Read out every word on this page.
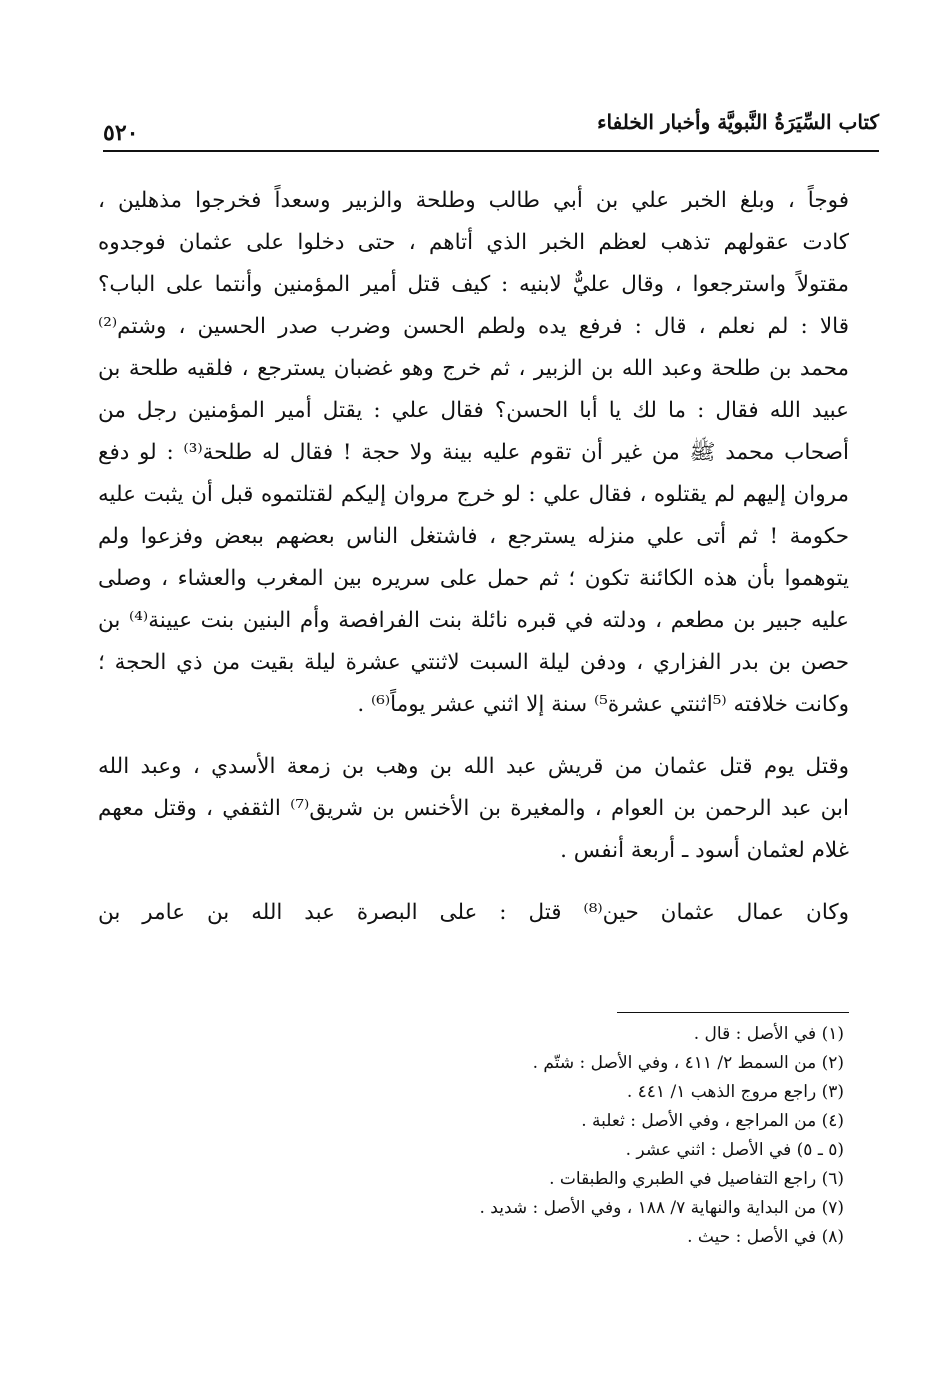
كتاب السِّيَرَةُ النَّبويَّة وأخبار الخلفاء
٥٢٠
فوجاً ، وبلغ الخبر علي بن أبي طالب وطلحة والزبير وسعداً فخرجوا مذهلين ،
كادت عقولهم تذهب لعظم الخبر الذي أتاهم ، حتى دخلوا على عثمان فوجدوه
مقتولاً واسترجعوا ، وقال عليٌّ لابنيه : كيف قتل أمير المؤمنين وأنتما على الباب؟
قالا : لم نعلم ، قال : فرفع يده ولطم الحسن وضرب صدر الحسين ، وشتم⁽²⁾
محمد بن طلحة وعبد الله بن الزبير ، ثم خرج وهو غضبان يسترجع ، فلقيه طلحة بن
عبيد الله فقال : ما لك يا أبا الحسن؟ فقال علي : يقتل أمير المؤمنين رجل من
أصحاب محمد ﷺ من غير أن تقوم عليه بينة ولا حجة ! فقال له طلحة⁽³⁾ : لو دفع
مروان إليهم لم يقتلوه ، فقال علي : لو خرج مروان إليكم لقتلتموه قبل أن يثبت عليه
حكومة ! ثم أتى علي منزله يسترجع ، فاشتغل الناس بعضهم ببعض وفزعوا ولم
يتوهموا بأن هذه الكائنة تكون ؛ ثم حمل على سريره بين المغرب والعشاء ، وصلى
عليه جبير بن مطعم ، ودلته في قبره نائلة بنت الفرافصة وأم البنين بنت عيينة⁽⁴⁾ بن
حصن بن بدر الفزاري ، ودفن ليلة السبت لاثنتي عشرة ليلة بقيت من ذي الحجة ؛
وكانت خلافته ⁽⁵اثنتي عشرة⁵⁾ سنة إلا اثني عشر يوماً⁽⁶⁾ .
وقتل يوم قتل عثمان من قريش عبد الله بن وهب بن زمعة الأسدي ، وعبد الله
ابن عبد الرحمن بن العوام ، والمغيرة بن الأخنس بن شريق⁽⁷⁾ الثقفي ، وقتل معهم
غلام لعثمان أسود ـ أربعة أنفس .
وكان عمال عثمان حين⁽⁸⁾ قتل : على البصرة عبد الله بن عامر بن
(١) في الأصل : قال .
(٢) من السمط ٢/ ٤١١ ، وفي الأصل : شتّم .
(٣) راجع مروج الذهب ١/ ٤٤١ .
(٤) من المراجع ، وفي الأصل : ثعلبة .
(٥ ـ ٥) في الأصل : اثني عشر .
(٦) راجع التفاصيل في الطبري والطبقات .
(٧) من البداية والنهاية ٧/ ١٨٨ ، وفي الأصل : شديد .
(٨) في الأصل : حيث .
